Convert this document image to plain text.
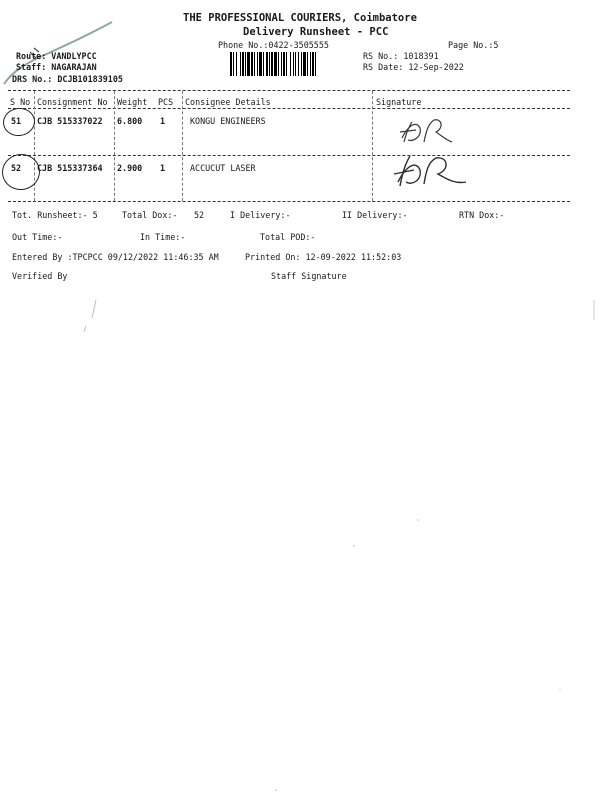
THE PROFESSIONAL COURIERS, Coimbatore
Delivery Runsheet - PCC
Phone No.:0422-3505555	Page No.:5
Route: VANDLYPCC
Staff: NAGARAJAN
DRS No.: DCJB101839105
RS No.: 1018391
RS Date: 12-Sep-2022
S No Consignment No Weight PCS Consignee Details	Signature
51 CJB 515337022 6.800 1	KONGU ENGINEERS
52 CJB 515337364 2.900 1	ACCUCUT LASER
Tot. Runsheet:- 5	Total Dox:- 52	I Delivery:-	II Delivery:-	RTN Dox:-
Out Time:-	In Time:-	Total POD:-
Entered By :TPCPCC 09/12/2022 11:46:35 AM	Printed On: 12-09-2022 11:52:03
Verified By	Staff Signature
